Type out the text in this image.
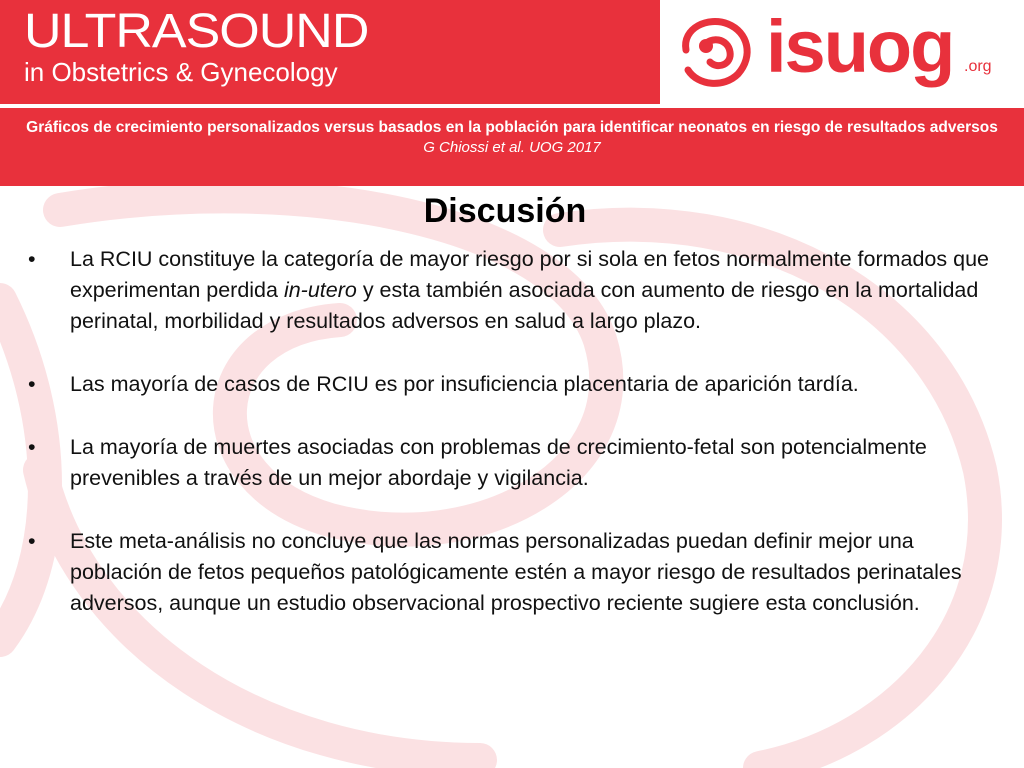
ULTRASOUND
in Obstetrics & Gynecology	isuog .org
Gráficos de crecimiento personalizados versus basados en la población para identificar neonatos en riesgo de resultados adversos
G Chiossi et al. UOG 2017
Discusión
• La RCIU constituye la categoría de mayor riesgo por si sola en fetos normalmente formados que experimentan perdida in-utero y esta también asociada con aumento de riesgo en la mortalidad perinatal, morbilidad y resultados adversos en salud a largo plazo.
• Las mayoría de casos de RCIU es por insuficiencia placentaria de aparición tardía.
• La mayoría de muertes asociadas con problemas de crecimiento-fetal son potencialmente prevenibles a través de un mejor abordaje y vigilancia.
• Este meta-análisis no concluye que las normas personalizadas puedan definir mejor una población de fetos pequeños patológicamente estén a mayor riesgo de resultados perinatales adversos, aunque un estudio observacional prospectivo reciente sugiere esta conclusión.
